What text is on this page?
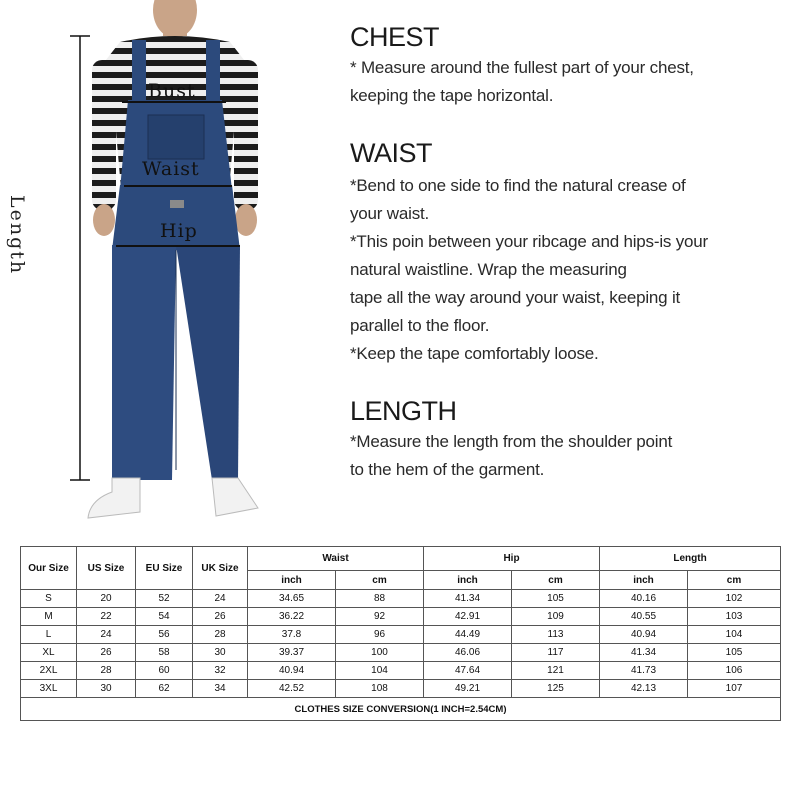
Bust
Waist
Hip
Length
CHEST
* Measure around the fullest part of your chest,
keeping the tape horizontal.
WAIST
*Bend to one side to find the natural crease of
your waist.
*This poin between your ribcage and hips-is your
natural waistline. Wrap the measuring
tape all the way around your waist, keeping it
parallel to the floor.
*Keep the tape comfortably loose.
LENGTH
*Measure the length from the shoulder point
to the hem of the garment.
Our Size	US Size	EU Size	UK Size	Waist		Hip		Length	
				inch	cm	inch	cm	inch	cm
S	20	52	24	34.65	88	41.34	105	40.16	102
M	22	54	26	36.22	92	42.91	109	40.55	103
L	24	56	28	37.8	96	44.49	113	40.94	104
XL	26	58	30	39.37	100	46.06	117	41.34	105
2XL	28	60	32	40.94	104	47.64	121	41.73	106
3XL	30	62	34	42.52	108	49.21	125	42.13	107
CLOTHES SIZE CONVERSION(1 INCH=2.54CM)									
